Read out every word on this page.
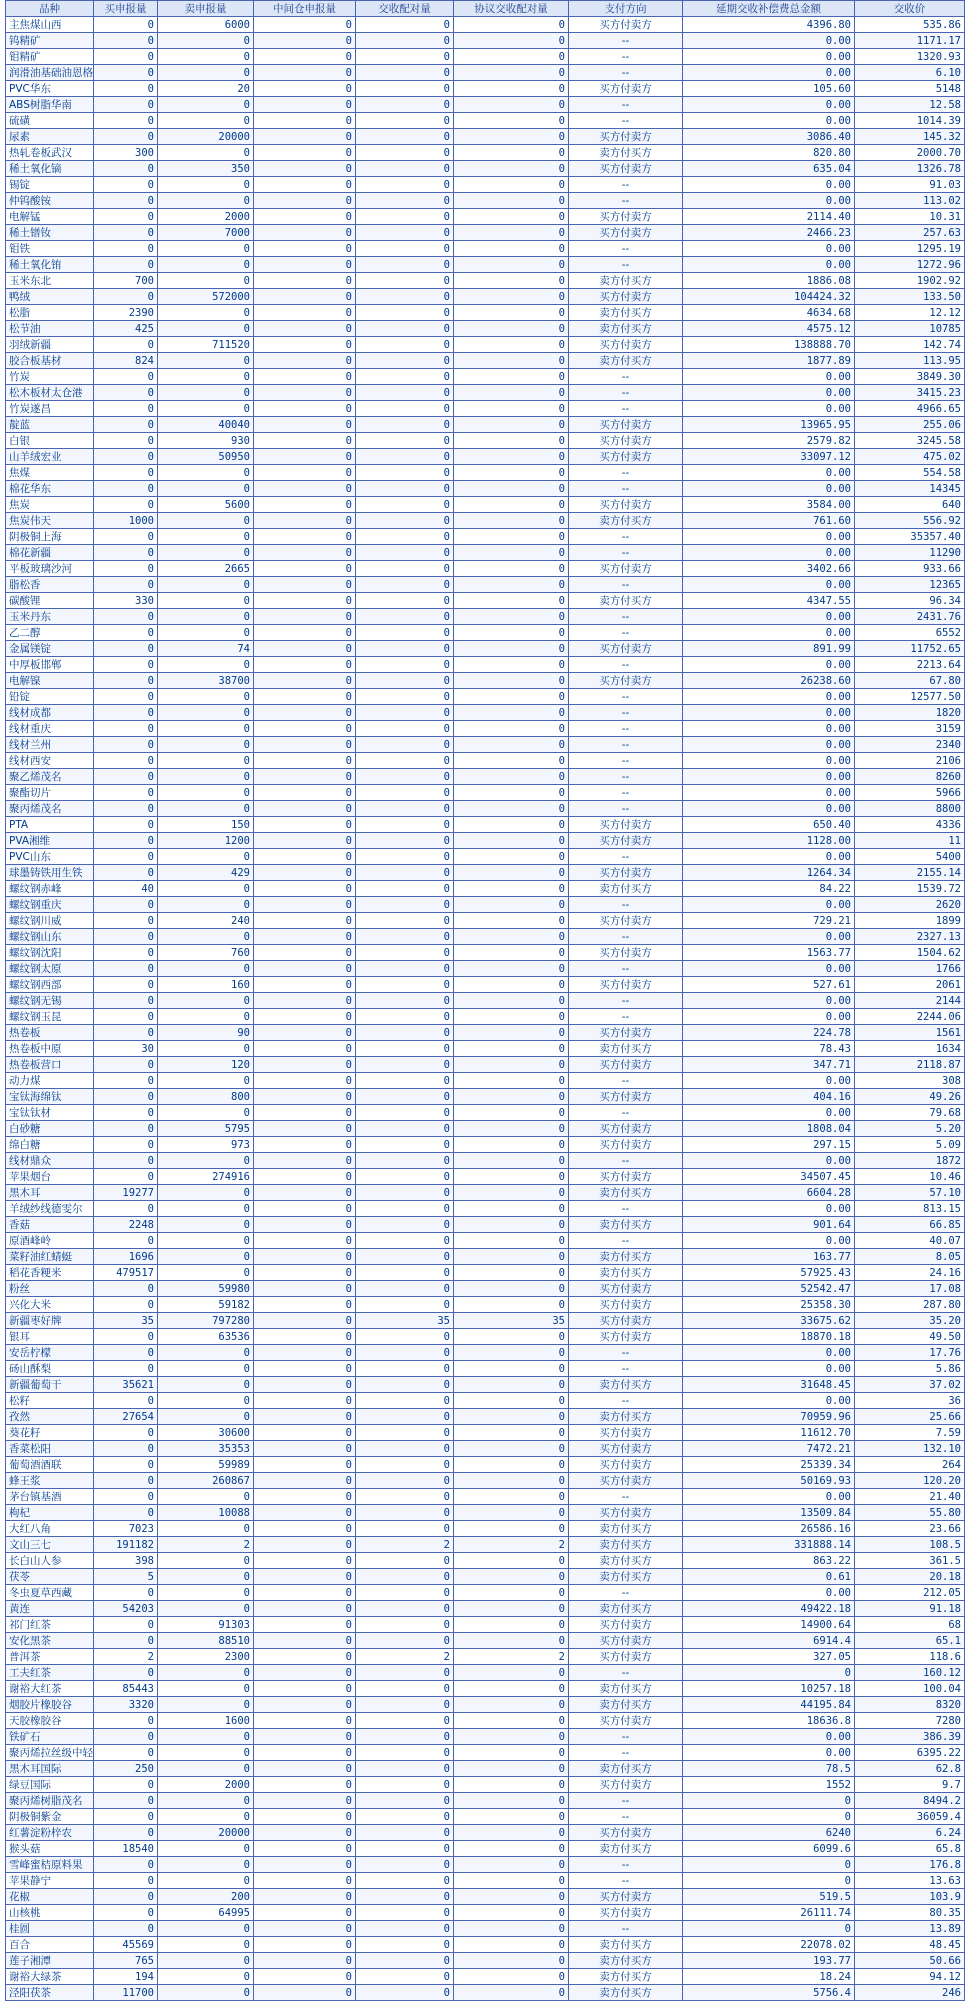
品种	买申报量	卖申报量	中间仓申报量	交收配对量	协议交收配对量	支付方向	延期交收补偿费总金额	交收价
主焦煤山西	0	6000	0	0	0	买方付卖方	4396.80	535.86
钨精矿	0	0	0	0	0	--	0.00	1171.17
钼精矿	0	0	0	0	0	--	0.00	1320.93
润滑油基础油恩格	0	0	0	0	0	--	0.00	6.10
PVC华东	0	20	0	0	0	买方付卖方	105.60	5148
ABS树脂华南	0	0	0	0	0	--	0.00	12.58
硫磺	0	0	0	0	0	--	0.00	1014.39
尿素	0	20000	0	0	0	买方付卖方	3086.40	145.32
热轧卷板武汉	300	0	0	0	0	卖方付买方	820.80	2000.70
稀土氧化镝	0	350	0	0	0	买方付卖方	635.04	1326.78
锡锭	0	0	0	0	0	--	0.00	91.03
仲钨酸铵	0	0	0	0	0	--	0.00	113.02
电解锰	0	2000	0	0	0	买方付卖方	2114.40	10.31
稀土镨钕	0	7000	0	0	0	买方付卖方	2466.23	257.63
钼铁	0	0	0	0	0	--	0.00	1295.19
稀土氧化铕	0	0	0	0	0	--	0.00	1272.96
玉米东北	700	0	0	0	0	卖方付买方	1886.08	1902.92
鸭绒	0	572000	0	0	0	买方付卖方	104424.32	133.50
松脂	2390	0	0	0	0	卖方付买方	4634.68	12.12
松节油	425	0	0	0	0	卖方付买方	4575.12	10785
羽绒新疆	0	711520	0	0	0	买方付卖方	138888.70	142.74
胶合板基材	824	0	0	0	0	卖方付买方	1877.89	113.95
竹炭	0	0	0	0	0	--	0.00	3849.30
松木板材太仓港	0	0	0	0	0	--	0.00	3415.23
竹炭遂昌	0	0	0	0	0	--	0.00	4966.65
靛蓝	0	40040	0	0	0	买方付卖方	13965.95	255.06
白银	0	930	0	0	0	买方付卖方	2579.82	3245.58
山羊绒宏业	0	50950	0	0	0	买方付卖方	33097.12	475.02
焦煤	0	0	0	0	0	--	0.00	554.58
棉花华东	0	0	0	0	0	--	0.00	14345
焦炭	0	5600	0	0	0	买方付卖方	3584.00	640
焦炭伟天	1000	0	0	0	0	卖方付买方	761.60	556.92
阴极铜上海	0	0	0	0	0	--	0.00	35357.40
棉花新疆	0	0	0	0	0	--	0.00	11290
平板玻璃沙河	0	2665	0	0	0	买方付卖方	3402.66	933.66
脂松香	0	0	0	0	0	--	0.00	12365
碳酸锂	330	0	0	0	0	卖方付买方	4347.55	96.34
玉米丹东	0	0	0	0	0	--	0.00	2431.76
乙二醇	0	0	0	0	0	--	0.00	6552
金属镁锭	0	74	0	0	0	买方付卖方	891.99	11752.65
中厚板邯郸	0	0	0	0	0	--	0.00	2213.64
电解镍	0	38700	0	0	0	买方付卖方	26238.60	67.80
铅锭	0	0	0	0	0	--	0.00	12577.50
线材成都	0	0	0	0	0	--	0.00	1820
线材重庆	0	0	0	0	0	--	0.00	3159
线材兰州	0	0	0	0	0	--	0.00	2340
线材西安	0	0	0	0	0	--	0.00	2106
聚乙烯茂名	0	0	0	0	0	--	0.00	8260
聚酯切片	0	0	0	0	0	--	0.00	5966
聚丙烯茂名	0	0	0	0	0	--	0.00	8800
PTA	0	150	0	0	0	买方付卖方	650.40	4336
PVA湘维	0	1200	0	0	0	买方付卖方	1128.00	11
PVC山东	0	0	0	0	0	--	0.00	5400
球墨铸铁用生铁	0	429	0	0	0	买方付卖方	1264.34	2155.14
螺纹钢赤峰	40	0	0	0	0	卖方付买方	84.22	1539.72
螺纹钢重庆	0	0	0	0	0	--	0.00	2620
螺纹钢川威	0	240	0	0	0	买方付卖方	729.21	1899
螺纹钢山东	0	0	0	0	0	--	0.00	2327.13
螺纹钢沈阳	0	760	0	0	0	买方付卖方	1563.77	1504.62
螺纹钢太原	0	0	0	0	0	--	0.00	1766
螺纹钢西部	0	160	0	0	0	买方付卖方	527.61	2061
螺纹钢无锡	0	0	0	0	0	--	0.00	2144
螺纹钢玉昆	0	0	0	0	0	--	0.00	2244.06
热卷板	0	90	0	0	0	买方付卖方	224.78	1561
热卷板中原	30	0	0	0	0	卖方付买方	78.43	1634
热卷板营口	0	120	0	0	0	买方付卖方	347.71	2118.87
动力煤	0	0	0	0	0	--	0.00	308
宝钛海绵钛	0	800	0	0	0	买方付卖方	404.16	49.26
宝钛钛材	0	0	0	0	0	--	0.00	79.68
白砂糖	0	5795	0	0	0	买方付卖方	1808.04	5.20
绵白糖	0	973	0	0	0	买方付卖方	297.15	5.09
线材鼎众	0	0	0	0	0	--	0.00	1872
苹果烟台	0	274916	0	0	0	买方付卖方	34507.45	10.46
黑木耳	19277	0	0	0	0	卖方付买方	6604.28	57.10
羊绒纱线德雯尔	0	0	0	0	0	--	0.00	813.15
香菇	2248	0	0	0	0	卖方付买方	901.64	66.85
原酒峰岭	0	0	0	0	0	--	0.00	40.07
菜籽油红蜻蜓	1696	0	0	0	0	卖方付买方	163.77	8.05
稻花香粳米	479517	0	0	0	0	卖方付买方	57925.43	24.16
粉丝	0	59980	0	0	0	买方付卖方	52542.47	17.08
兴化大米	0	59182	0	0	0	买方付卖方	25358.30	287.80
新疆枣好牌	35	797280	0	35	35	买方付卖方	33675.62	35.20
银耳	0	63536	0	0	0	买方付卖方	18870.18	49.50
安岳柠檬	0	0	0	0	0	--	0.00	17.76
砀山酥梨	0	0	0	0	0	--	0.00	5.86
新疆葡萄干	35621	0	0	0	0	卖方付买方	31648.45	37.02
松籽	0	0	0	0	0	--	0.00	36
孜然	27654	0	0	0	0	卖方付买方	70959.96	25.66
葵花籽	0	30600	0	0	0	买方付卖方	11612.70	7.59
香菜松阳	0	35353	0	0	0	买方付卖方	7472.21	132.10
葡萄酒酒联	0	59989	0	0	0	买方付卖方	25339.34	264
蜂王浆	0	260867	0	0	0	买方付卖方	50169.93	120.20
茅台镇基酒	0	0	0	0	0	--	0.00	21.40
枸杞	0	10088	0	0	0	买方付卖方	13509.84	55.80
大红八角	7023	0	0	0	0	卖方付买方	26586.16	23.66
文山三七	191182	2	0	2	2	卖方付买方	331888.14	108.5
长白山人参	398	0	0	0	0	卖方付买方	863.22	361.5
茯苓	5	0	0	0	0	卖方付买方	0.61	20.18
冬虫夏草西藏	0	0	0	0	0	--	0.00	212.05
黄连	54203	0	0	0	0	卖方付买方	49422.18	91.18
祁门红茶	0	91303	0	0	0	买方付卖方	14900.64	68
安化黑茶	0	88510	0	0	0	买方付卖方	6914.4	65.1
普洱茶	2	2300	0	2	2	买方付卖方	327.05	118.6
工夫红茶	0	0	0	0	0	--	0	160.12
谢裕大红茶	85443	0	0	0	0	卖方付买方	10257.18	100.04
烟胶片橡胶谷	3320	0	0	0	0	卖方付买方	44195.84	8320
天胶橡胶谷	0	1600	0	0	0	买方付卖方	18636.8	7280
铁矿石	0	0	0	0	0	--	0.00	386.39
聚丙烯拉丝级中轻	0	0	0	0	0	--	0.00	6395.22
黑木耳国际	250	0	0	0	0	卖方付买方	78.5	62.8
绿豆国际	0	2000	0	0	0	买方付卖方	1552	9.7
聚丙烯树脂茂名	0	0	0	0	0	--	0	8494.2
阴极铜紫金	0	0	0	0	0	--	0	36059.4
红薯淀粉梓农	0	20000	0	0	0	买方付卖方	6240	6.24
猴头菇	18540	0	0	0	0	卖方付买方	6099.6	65.8
雪峰蜜桔原料果	0	0	0	0	0	--	0	176.8
苹果静宁	0	0	0	0	0	--	0	13.63
花椒	0	200	0	0	0	买方付卖方	519.5	103.9
山核桃	0	64995	0	0	0	买方付卖方	26111.74	80.35
桂圆	0	0	0	0	0	--	0	13.89
百合	45569	0	0	0	0	卖方付买方	22078.02	48.45
莲子湘潭	765	0	0	0	0	卖方付买方	193.77	50.66
谢裕大绿茶	194	0	0	0	0	卖方付买方	18.24	94.12
泾阳茯茶	11700	0	0	0	0	卖方付买方	5756.4	246
